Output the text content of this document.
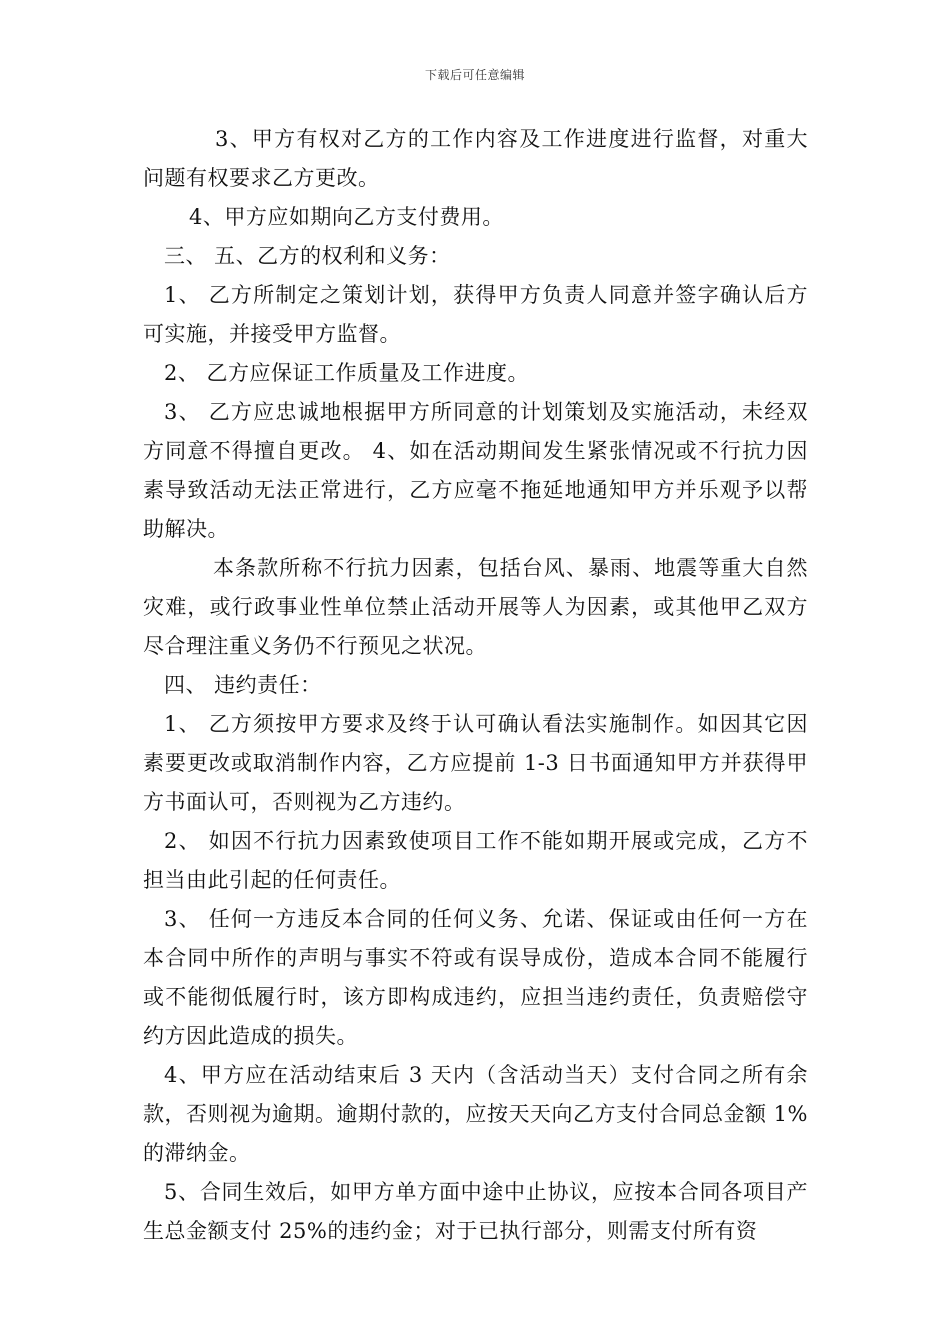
下载后可任意编辑

3、甲方有权对乙方的工作内容及工作进度进行监督，对重大问题有权要求乙方更改。

4、甲方应如期向乙方支付费用。

三、 五、乙方的权利和义务：

1、 乙方所制定之策划计划，获得甲方负责人同意并签字确认后方可实施，并接受甲方监督。

2、 乙方应保证工作质量及工作进度。

3、 乙方应忠诚地根据甲方所同意的计划策划及实施活动，未经双方同意不得擅自更改。 4、如在活动期间发生紧张情况或不行抗力因素导致活动无法正常进行，乙方应毫不拖延地通知甲方并乐观予以帮助解决。

本条款所称不行抗力因素，包括台风、暴雨、地震等重大自然灾难，或行政事业性单位禁止活动开展等人为因素，或其他甲乙双方尽合理注重义务仍不行预见之状况。

四、 违约责任：

1、 乙方须按甲方要求及终于认可确认看法实施制作。如因其它因素要更改或取消制作内容，乙方应提前 1-3 日书面通知甲方并获得甲方书面认可，否则视为乙方违约。

2、 如因不行抗力因素致使项目工作不能如期开展或完成，乙方不担当由此引起的任何责任。

3、 任何一方违反本合同的任何义务、允诺、保证或由任何一方在本合同中所作的声明与事实不符或有误导成份，造成本合同不能履行或不能彻低履行时，该方即构成违约，应担当违约责任，负责赔偿守约方因此造成的损失。

4、甲方应在活动结束后 3 天内（含活动当天）支付合同之所有余款，否则视为逾期。逾期付款的，应按天天向乙方支付合同总金额 1%的滞纳金。

5、合同生效后，如甲方单方面中途中止协议，应按本合同各项目产生总金额支付 25%的违约金；对于已执行部分，则需支付所有资
